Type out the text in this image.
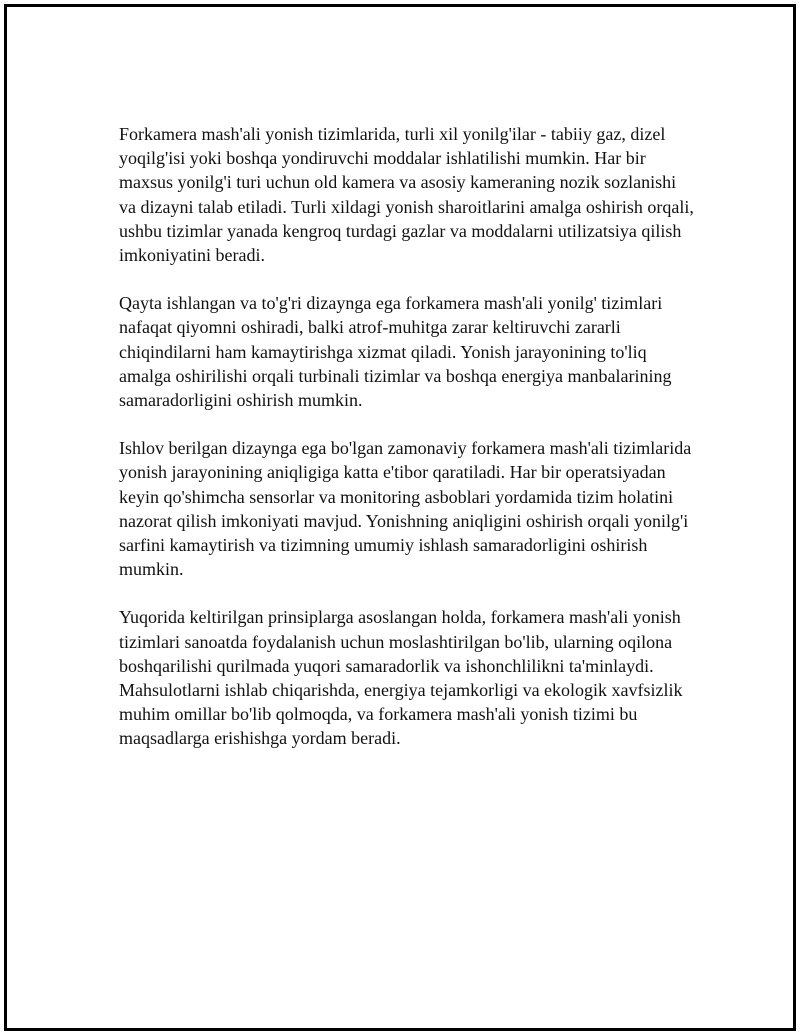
Forkamera mash'ali yonish tizimlarida, turli xil yonilg'ilar - tabiiy gaz, dizel yoqilg'isi yoki boshqa yondiruvchi moddalar ishlatilishi mumkin. Har bir maxsus yonilg'i turi uchun old kamera va asosiy kameraning nozik sozlanishi va dizayni talab etiladi. Turli xildagi yonish sharoitlarini amalga oshirish orqali, ushbu tizimlar yanada kengroq turdagi gazlar va moddalarni utilizatsiya qilish imkoniyatini beradi.

Qayta ishlangan va to'g'ri dizaynga ega forkamera mash'ali yonilg' tizimlari nafaqat qiyomni oshiradi, balki atrof-muhitga zarar keltiruvchi zararli chiqindilarni ham kamaytirishga xizmat qiladi. Yonish jarayonining to'liq amalga oshirilishi orqali turbinali tizimlar va boshqa energiya manbalarining samaradorligini oshirish mumkin.

Ishlov berilgan dizaynga ega bo'lgan zamonaviy forkamera mash'ali tizimlarida yonish jarayonining aniqligiga katta e'tibor qaratiladi. Har bir operatsiyadan keyin qo'shimcha sensorlar va monitoring asboblari yordamida tizim holatini nazorat qilish imkoniyati mavjud. Yonishning aniqligini oshirish orqali yonilg'i sarfini kamaytirish va tizimning umumiy ishlash samaradorligini oshirish mumkin.

Yuqorida keltirilgan prinsiplarga asoslangan holda, forkamera mash'ali yonish tizimlari sanoatda foydalanish uchun moslashtirilgan bo'lib, ularning oqilona boshqarilishi qurilmada yuqori samaradorlik va ishonchlilikni ta'minlaydi. Mahsulotlarni ishlab chiqarishda, energiya tejamkorligi va ekologik xavfsizlik muhim omillar bo'lib qolmoqda, va forkamera mash'ali yonish tizimi bu maqsadlarga erishishga yordam beradi.
